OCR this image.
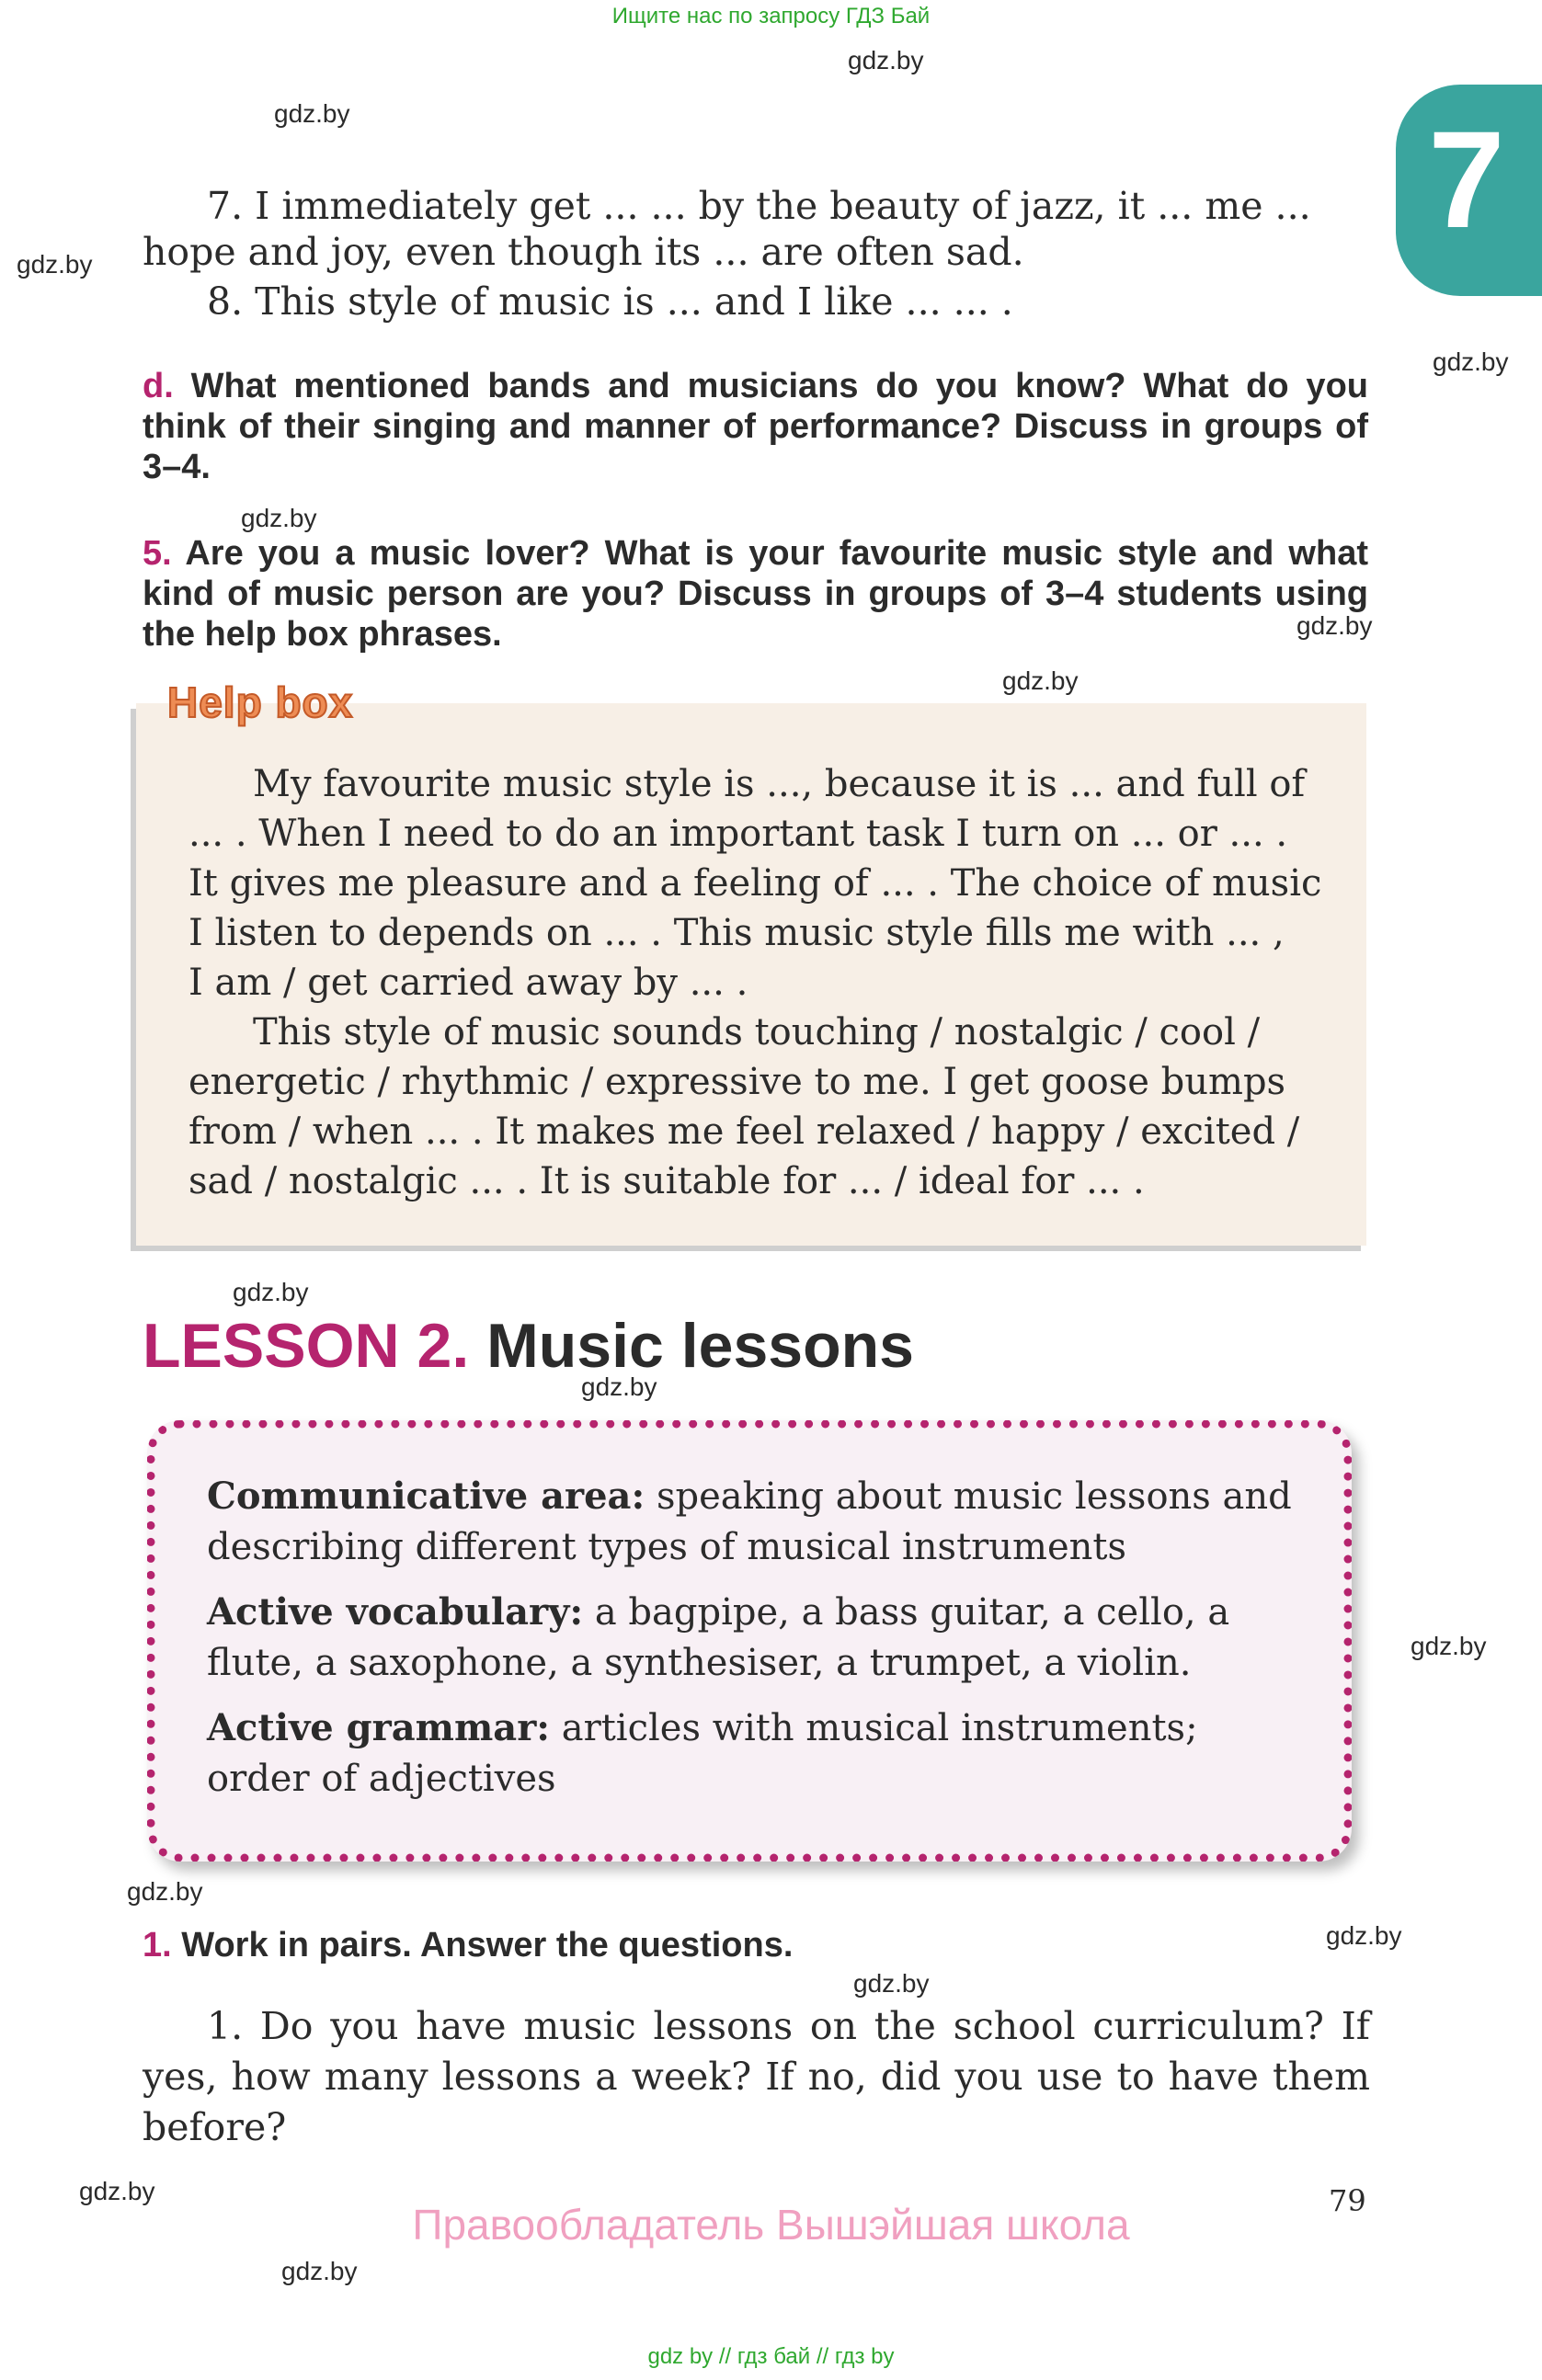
Ищите нас по запросу ГДЗ Бай
7
gdz.by
gdz.by
gdz.by
gdz.by
gdz.by
gdz.by
gdz.by
gdz.by
gdz.by
gdz.by
gdz.by
gdz.by
gdz.by
gdz.by
gdz.by
7. I immediately get ... ... by the beauty of jazz, it ... me ...
hope and joy, even though its ... are often sad.
8. This style of music is ... and I like ... ... .
d. What mentioned bands and musicians do you know? What do you think of their singing and manner of performance? Discuss in groups of 3–4.
5. Are you a music lover? What is your favourite music style and what kind of music person are you? Discuss in groups of 3–4 students using the help box phrases.
Help box
My favourite music style is ..., because it is ... and full of
... . When I need to do an important task I turn on ... or ... .
It gives me pleasure and a feeling of ... . The choice of music
I listen to depends on ... . This music style fills me with ... ,
I am / get carried away by ... .
This style of music sounds touching / nostalgic / cool /
energetic / rhythmic / expressive to me. I get goose bumps
from / when ... . It makes me feel relaxed / happy / excited /
sad / nostalgic ... . It is suitable for ... / ideal for ... .
LESSON 2. Music lessons
Communicative area: speaking about music lessons and describing different types of musical instruments
Active vocabulary: a bagpipe, a bass guitar, a cello, a flute, a saxophone, a synthesiser, a trumpet, a violin.
Active grammar: articles with musical instruments; order of adjectives
1. Work in pairs. Answer the questions.
1. Do you have music lessons on the school curriculum? If yes, how many lessons a week? If no, did you use to have them before?
79
Правообладатель Вышэйшая школа
gdz by // гдз бай // гдз by
